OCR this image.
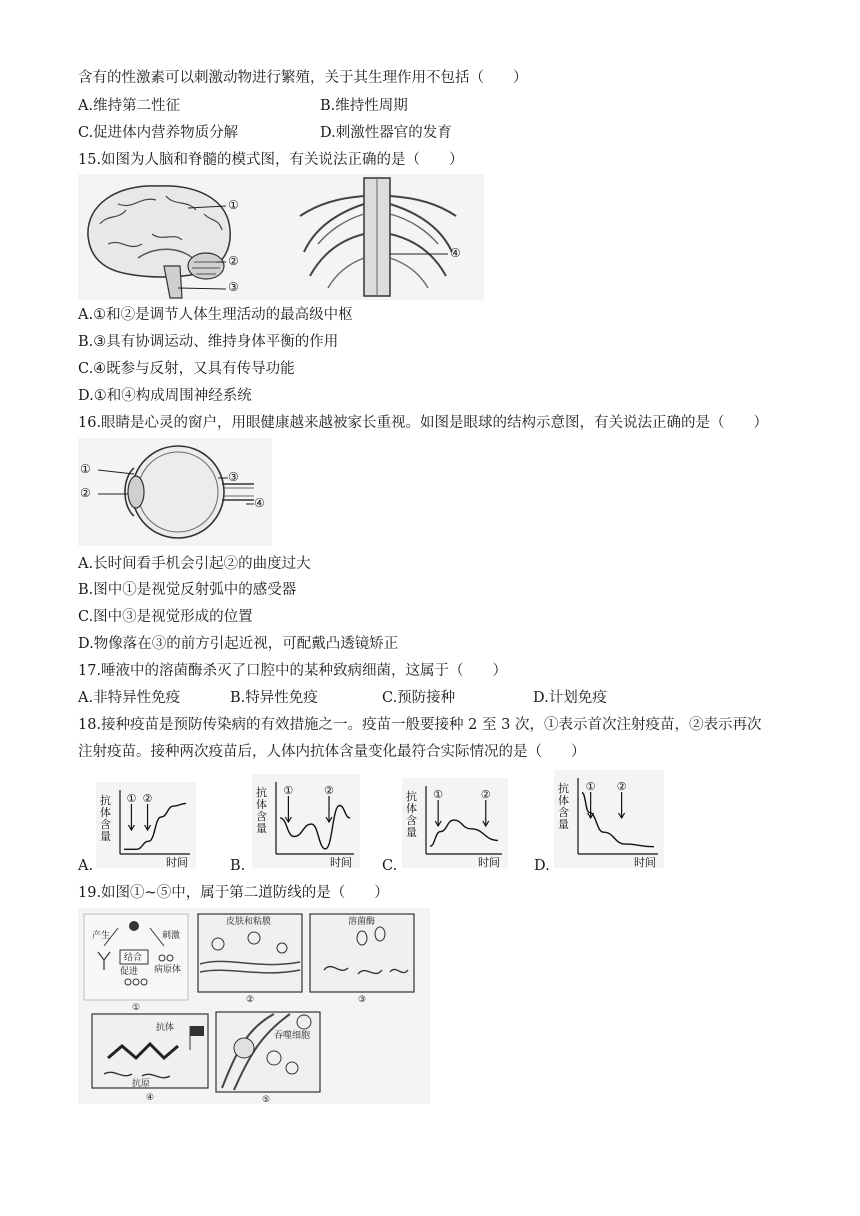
含有的性激素可以刺激动物进行繁殖，关于其生理作用不包括（　　）
A.维持第二性征	B.维持性周期
C.促进体内营养物质分解	D.刺激性器官的发育
15.如图为人脑和脊髓的模式图，有关说法正确的是（　　）
①
②
③
④
A.①和②是调节人体生理活动的最高级中枢
B.③具有协调运动、维持身体平衡的作用
C.④既参与反射，又具有传导功能
D.①和④构成周围神经系统
16.眼睛是心灵的窗户，用眼健康越来越被家长重视。如图是眼球的结构示意图，有关说法正确的是（　　）
①
②
③
④
A.长时间看手机会引起②的曲度过大
B.图中①是视觉反射弧中的感受器
C.图中③是视觉形成的位置
D.物像落在③的前方引起近视，可配戴凸透镜矫正
17.唾液中的溶菌酶杀灭了口腔中的某种致病细菌，这属于（　　）
A.非特异性免疫	B.特异性免疫	C.预防接种	D.计划免疫
18.接种疫苗是预防传染病的有效措施之一。疫苗一般要接种 2 至 3 次，①表示首次注射疫苗，②表示再次
注射疫苗。接种两次疫苗后，人体内抗体含量变化最符合实际情况的是（　　）
A.	B.	C.	D.
抗
体
含
量
时间
① ②	抗
体
含
量
时间
①	②	抗
体
含
量
时间
①	②	抗
体
含
量
时间
① ②
19.如图①~⑤中，属于第二道防线的是（　　）
产生	刺激
结合
促进 病原体
皮肤和粘膜	溶菌酶
抗体
抗原
吞噬细胞
①
②	③
④	⑤
